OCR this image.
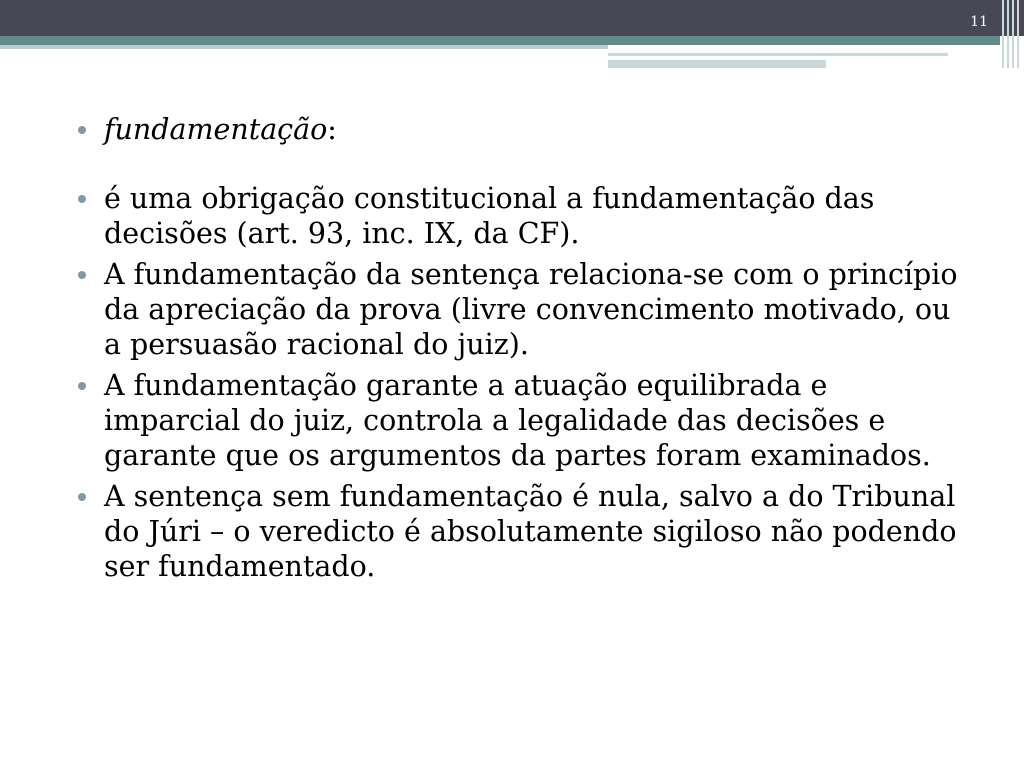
11
fundamentação:
é uma obrigação constitucional a fundamentação das decisões (art. 93, inc. IX, da CF).
A fundamentação da sentença relaciona-se com o princípio da apreciação da prova (livre convencimento motivado, ou a persuasão racional do juiz).
A fundamentação garante a atuação equilibrada e imparcial do juiz, controla a legalidade das decisões e garante que os argumentos da partes foram examinados.
A sentença sem fundamentação é nula, salvo a do Tribunal do Júri – o veredicto é absolutamente sigiloso não podendo ser fundamentado.
